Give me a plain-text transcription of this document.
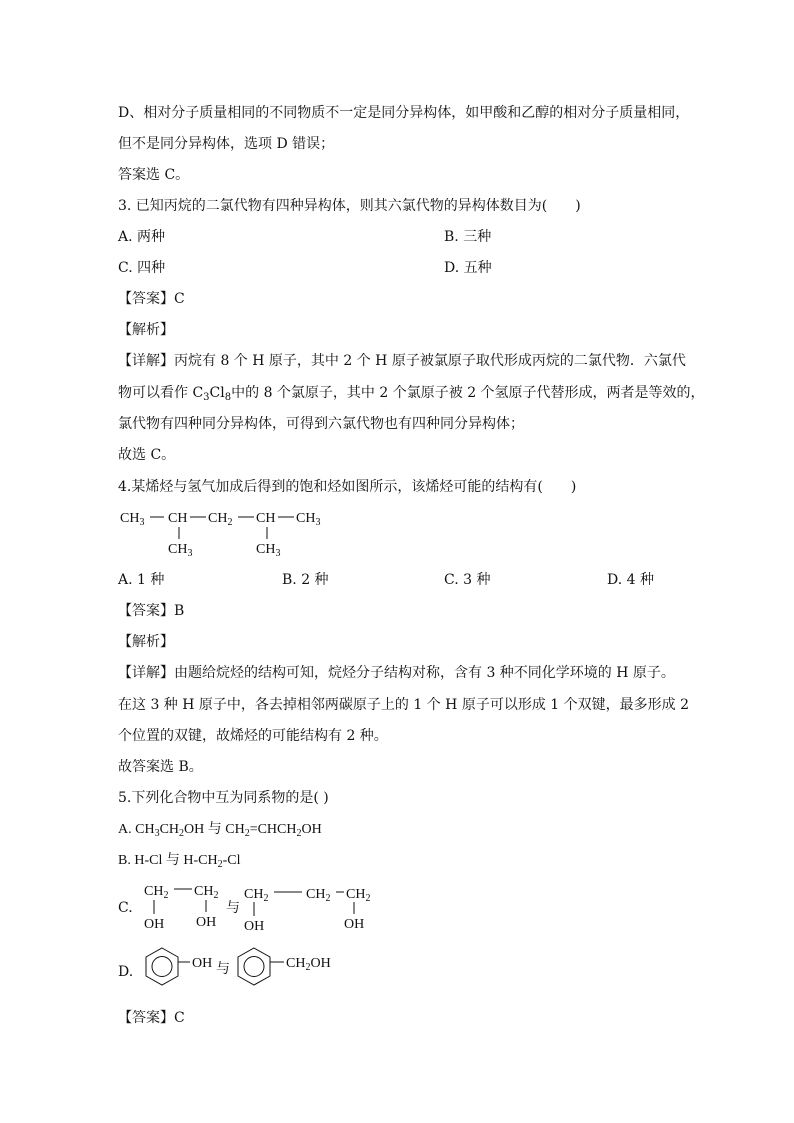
D、相对分子质量相同的不同物质不一定是同分异构体，如甲酸和乙醇的相对分子质量相同，
但不是同分异构体，选项 D 错误；
答案选 C。
3. 已知丙烷的二氯代物有四种异构体，则其六氯代物的异构体数目为(　　)
A. 两种	B. 三种
C. 四种	D. 五种
【答案】C
【解析】
【详解】丙烷有 8 个 H 原子，其中 2 个 H 原子被氯原子取代形成丙烷的二氯代物．六氯代
物可以看作 $C_3Cl_8$中的 8 个氯原子，其中 2 个氯原子被 2 个氢原子代替形成，两者是等效的，
氯代物有四种同分异构体，可得到六氯代物也有四种同分异构体；
故选 C。
4.某烯烃与氢气加成后得到的饱和烃如图所示，该烯烃可能的结构有(　　)
$CH_3$ CH $CH_2$ CH $CH_3$
$CH_3$	$CH_3$
A. 1 种	B. 2 种	C. 3 种	D. 4 种
【答案】B
【解析】
【详解】由题给烷烃的结构可知，烷烃分子结构对称，含有 3 种不同化学环境的 H 原子。
在这 3 种 H 原子中，各去掉相邻两碳原子上的 1 个 H 原子可以形成 1 个双键，最多形成 2
个位置的双键，故烯烃的可能结构有 2 种。
故答案选 B。
5.下列化合物中互为同系物的是( )
A. $CH_3CH_2OH$ 与 $CH_2=CHCH_2OH$
B. H-Cl 与 $H-CH_2-Cl$
C.
$CH_2$ $CH_2$
OH OH
与
$CH_2$	$CH_2$ $CH_2$
OH	OH
D.
OH 与	$CH_2OH$
【答案】C
